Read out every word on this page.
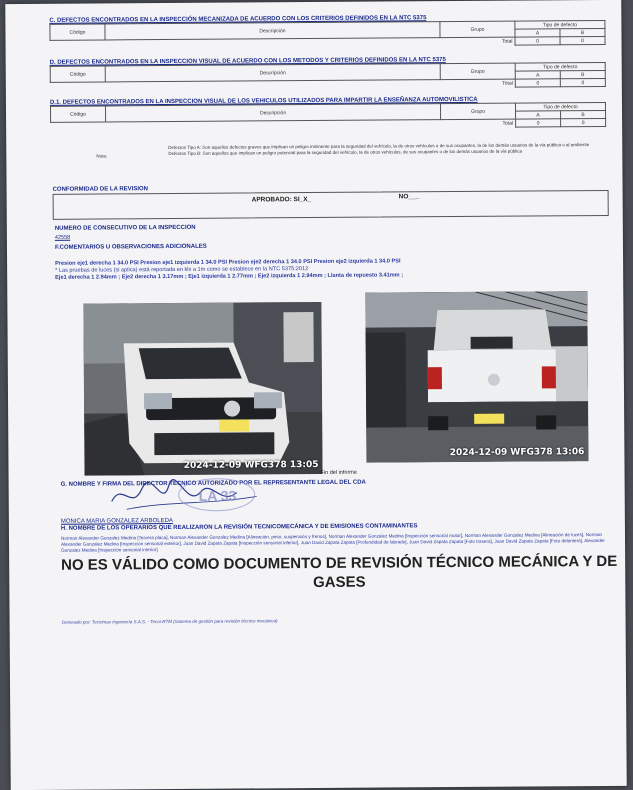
C. DEFECTOS ENCONTRADOS EN LA INSPECCIÓN MECANIZADA DE ACUERDO CON LOS CRITERIOS DEFINIDOS EN LA NTC 5375
Código	Descripción	Grupo	Tipo de defecto	
			A	B
Total			0	0
D. DEFECTOS ENCONTRADOS EN LA INSPECCION VISUAL DE ACUERDO CON LOS METODOS Y CRITERIOS DEFINIDOS EN LA NTC 5375
Código	Descripción	Grupo	Tipo de defecto	
			A	B
Total			0	0
D.1. DEFECTOS ENCONTRADOS EN LA INSPECCION VISUAL DE LOS VEHICULOS UTILIZADOS PARA IMPARTIR LA ENSEÑANZA AUTOMOVILISTICA
Código	Descripción	Grupo	Tipo de defecto	
			A	B
Total			0	0
Nota:
Defectos Tipo A: Son aquellos defectos graves que implican un peligro inminente para la seguridad del vehículo, la de otros vehículos o de sus ocupantes, la de los demás usuarios de la vía pública o al ambiente
Defectos Tipo B: Son aquellos que implican un peligro potencial para la seguridad del vehículo, la de otros vehículos, de sus ocupantes o de los demás usuarios de la vía pública
CONFORMIDAD DE LA REVISION
APROBADO: SI_X_	NO___
NUMERO DE CONSECUTIVO DE LA INSPECCION
42558
F.COMENTARIOS U OBSERVACIONES ADICIONALES
Presion eje1 derecha 1 34.0 PSI Presion eje1 izquierda 1 34.0 PSI Presion eje2 derecha 1 34.0 PSI Presion eje2 izquierda 1 34.0 PSI
* Las pruebas de luces (si aplica) está reportada en klx a 1m como se establece en la NTC 5375:2012
Eje1 derecha 1 2.94mm ; Eje2 derecha 1 3.17mm ; Eje1 izquierda 1 2.77mm ; Eje2 izquierda 1 2.94mm ; Llanta de repuesto 3.41mm ;
2024-12-09 WFG378 13:05
2024-12-09 WFG378 13:06
Fin del informe
G. NOMBRE Y FIRMA DEL DIRECTOR TECNICO AUTORIZADO POR EL REPRESENTANTE LEGAL DEL CDA
LA 33
MONICA MARIA GONZALEZ ARBOLEDA
H. NOMBRE DE LOS OPERARIOS QUE REALIZARON LA REVISIÓN TECNICOMECÁNICA Y DE EMISIONES CONTAMINANTES
Norman Alexander Gonzalez Medina [Tercera placa], Norman Alexander Gonzalez Medina [Alineación, peso, suspensión y frenos], Norman Alexander Gonzalez Medina [Inspección sensorial motor], Norman Alexander Gonzalez Medina [Alineación de luces], Norman Alexander Gonzalez Medina [Inspección sensorial exterior], Juan David Zapata Zapata [Inspección sensorial inferior], Juan David Zapata Zapata [Profundidad de labrado], Juan David Zapata Zapata [Foto trasera], Juan David Zapata Zapata [Foto delantera], Alexander Gonzalez Medina [Inspección sensorial interior]
NO ES VÁLIDO COMO DOCUMENTO DE REVISIÓN TÉCNICO MECÁNICA Y DE GASES
Generado por: Tecnimax Ingeniería S.A.S. - Tecni-RTM (Sistema de gestión para revisión técnico mecánica)
